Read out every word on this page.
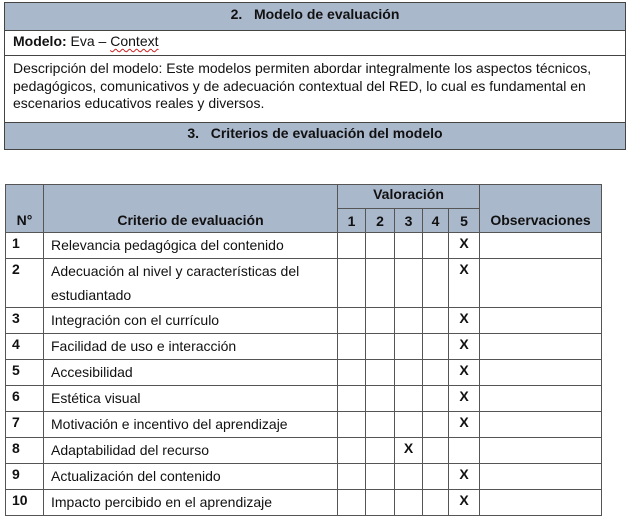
2. Modelo de evaluación
Modelo: Eva – Context
Descripción del modelo: Este modelos permiten abordar integralmente los aspectos técnicos, pedagógicos, comunicativos y de adecuación contextual del RED, lo cual es fundamental en escenarios educativos reales y diversos.
3. Criterios de evaluación del modelo
N°	Criterio de evaluación	Valoración					Observaciones
		1	2	3	4	5	
1	Relevancia pedagógica del contenido					X	
2	Adecuación al nivel y características del estudiantado					X	
3	Integración con el currículo					X	
4	Facilidad de uso e interacción					X	
5	Accesibilidad					X	
6	Estética visual					X	
7	Motivación e incentivo del aprendizaje					X	
8	Adaptabilidad del recurso			X			
9	Actualización del contenido					X	
10	Impacto percibido en el aprendizaje					X	
